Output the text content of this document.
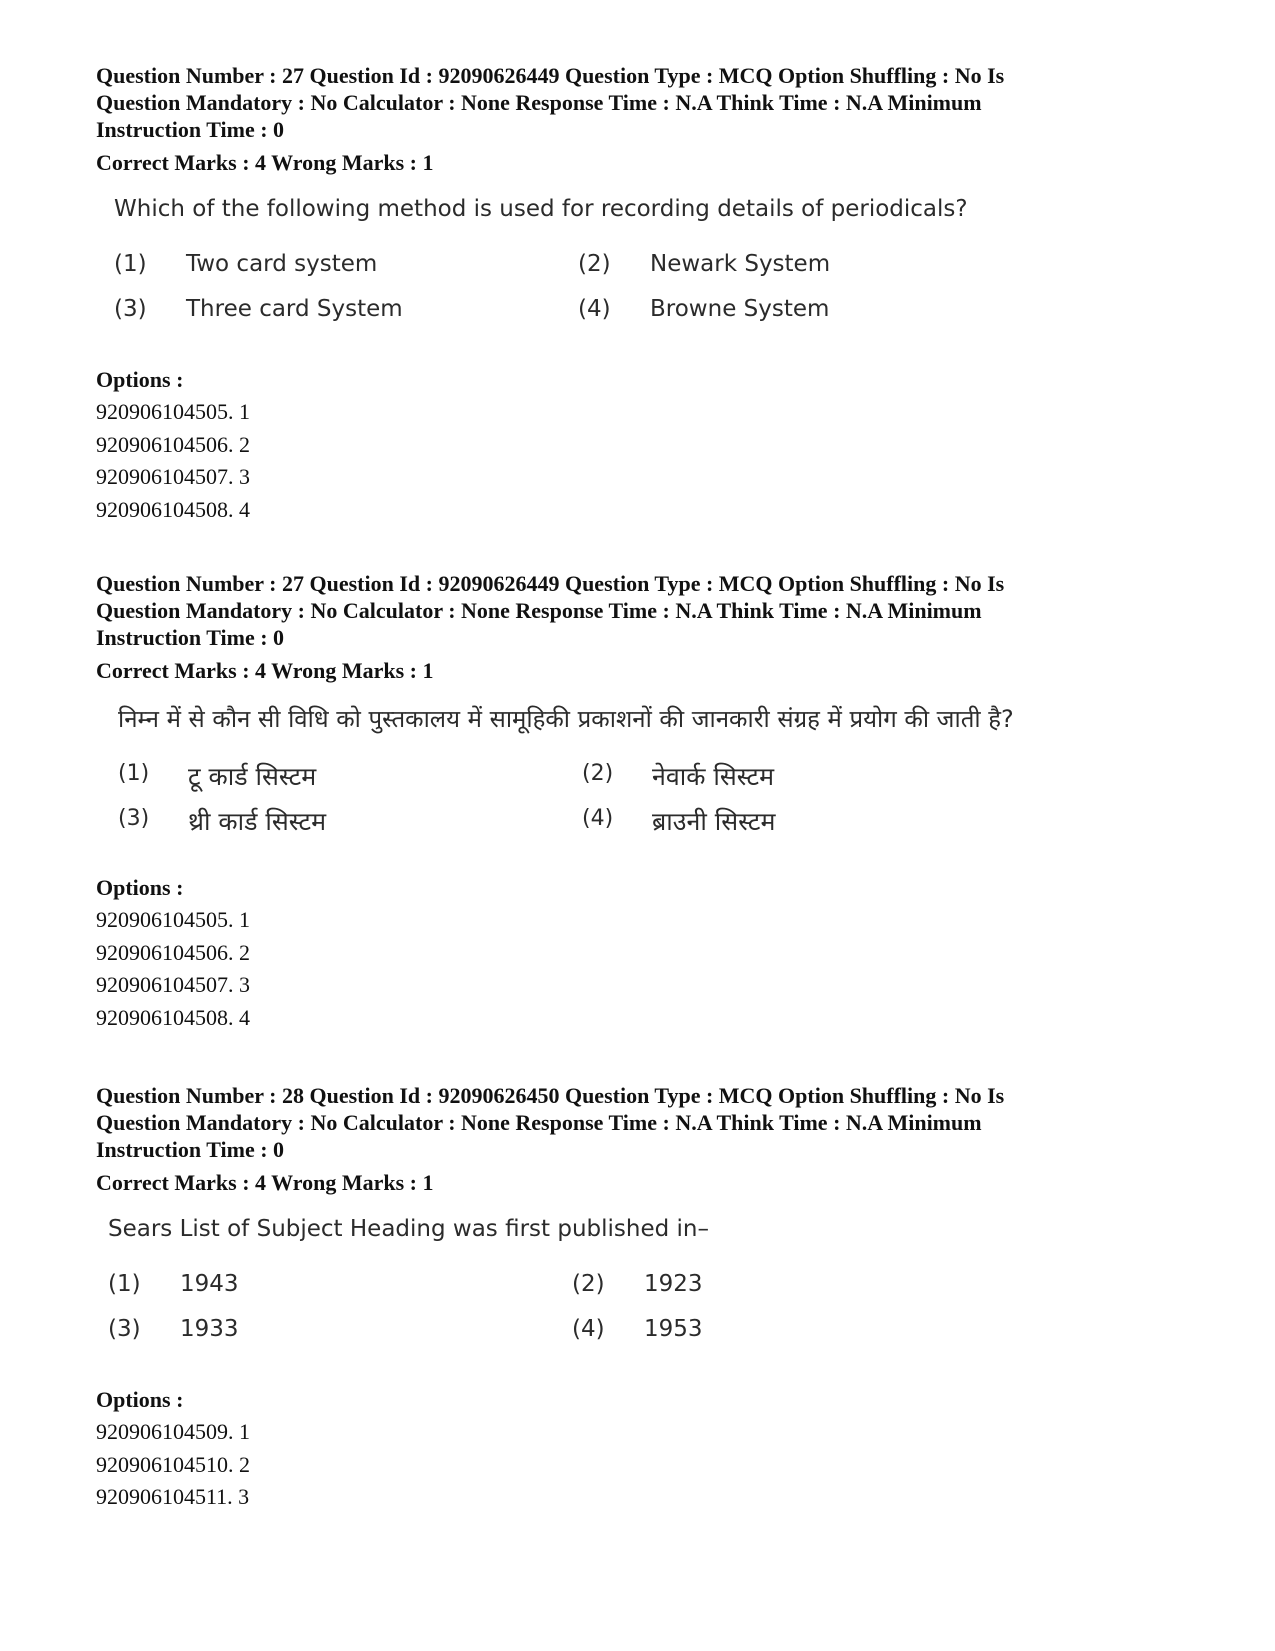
Question Number : 27 Question Id : 92090626449 Question Type : MCQ Option Shuffling : No Is
Question Mandatory : No Calculator : None Response Time : N.A Think Time : N.A Minimum
Instruction Time : 0
Correct Marks : 4 Wrong Marks : 1
Which of the following method is used for recording details of periodicals?
(1) Two card system	(2) Newark System
(3) Three card System	(4) Browne System
Options :
920906104505. 1
920906104506. 2
920906104507. 3
920906104508. 4
Question Number : 27 Question Id : 92090626449 Question Type : MCQ Option Shuffling : No Is
Question Mandatory : No Calculator : None Response Time : N.A Think Time : N.A Minimum
Instruction Time : 0
Correct Marks : 4 Wrong Marks : 1
निम्न में से कौन सी विधि को पुस्तकालय में सामूहिकी प्रकाशनों की जानकारी संग्रह में प्रयोग की जाती है?
(1) टू कार्ड सिस्टम	(2) नेवार्क सिस्टम
(3) थ्री कार्ड सिस्टम	(4) ब्राउनी सिस्टम
Options :
920906104505. 1
920906104506. 2
920906104507. 3
920906104508. 4
Question Number : 28 Question Id : 92090626450 Question Type : MCQ Option Shuffling : No Is
Question Mandatory : No Calculator : None Response Time : N.A Think Time : N.A Minimum
Instruction Time : 0
Correct Marks : 4 Wrong Marks : 1
Sears List of Subject Heading was first published in–
(1) 1943	(2) 1923
(3) 1933	(4) 1953
Options :
920906104509. 1
920906104510. 2
920906104511. 3
